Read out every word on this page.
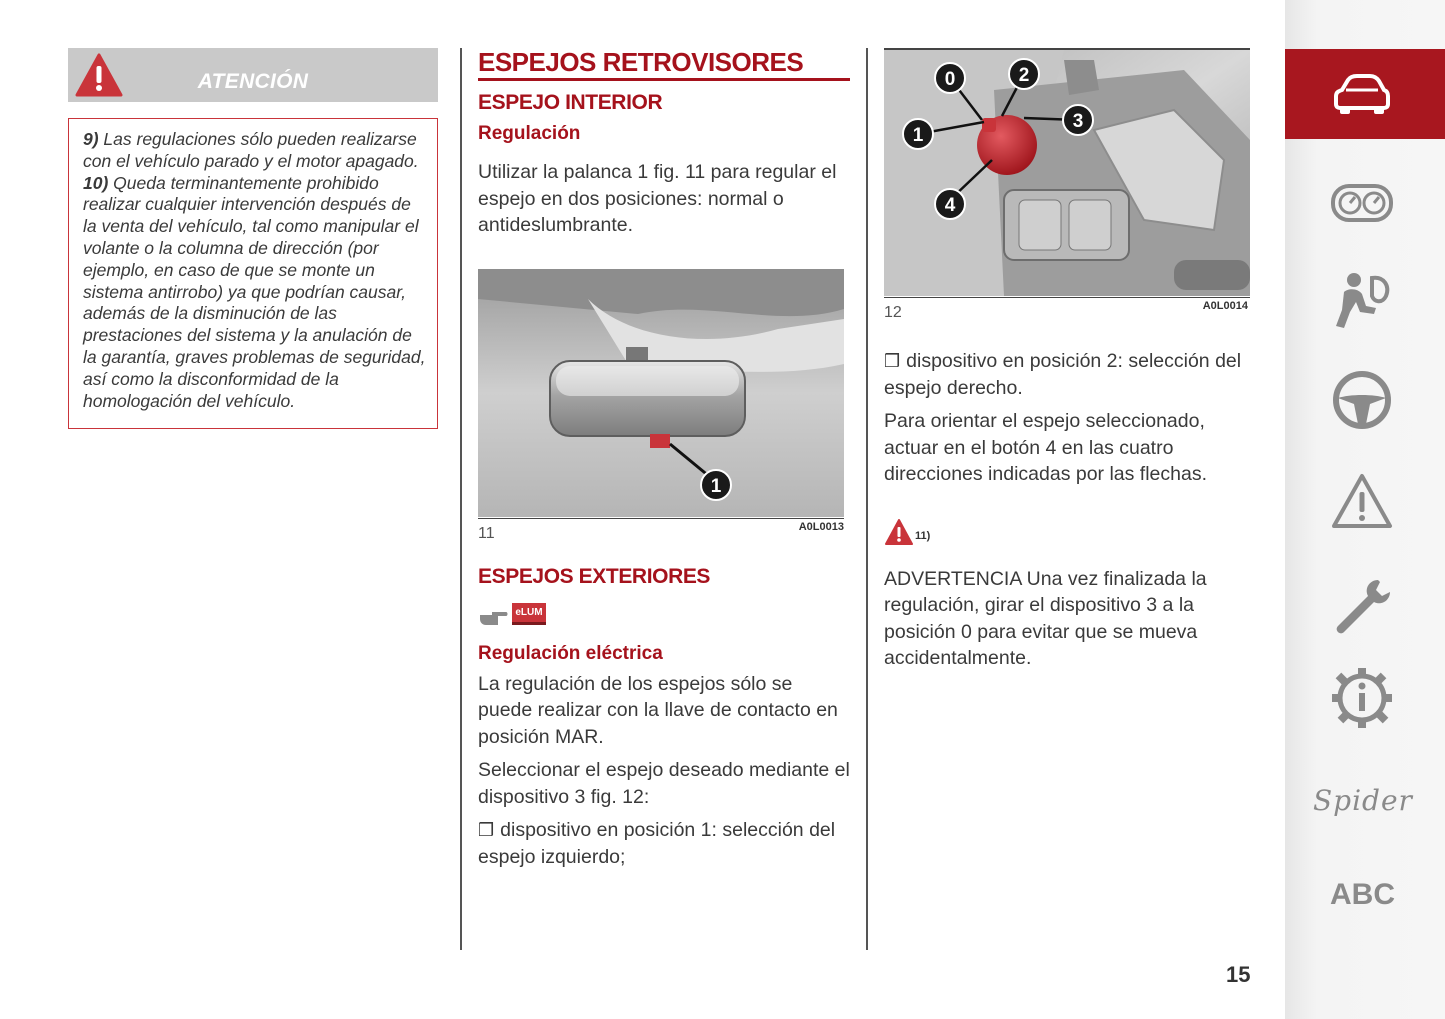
ATENCIÓN

9) Las regulaciones sólo pueden realizarse con el vehículo parado y el motor apagado.

10) Queda terminantemente prohibido realizar cualquier intervención después de la venta del vehículo, tal como manipular el volante o la columna de dirección (por ejemplo, en caso de que se monte un sistema antirrobo) ya que podrían causar, además de la disminución de las prestaciones del sistema y la anulación de la garantía, graves problemas de seguridad, así como la disconformidad de la homologación del vehículo.

ESPEJOS RETROVISORES
ESPEJO INTERIOR
Regulación
Utilizar la palanca 1 fig. 11 para regular el espejo en dos posiciones: normal o antideslumbrante.
1
11	A0L0013
ESPEJOS EXTERIORES
eLUM
Regulación eléctrica
La regulación de los espejos sólo se puede realizar con la llave de contacto en posición MAR.
Seleccionar el espejo deseado mediante el dispositivo 3 fig. 12:
❒ dispositivo en posición 1: selección del espejo izquierdo;
0	2
1
3
4
12	A0L0014
❒ dispositivo en posición 2: selección del espejo derecho.
Para orientar el espejo seleccionado, actuar en el botón 4 en las cuatro direcciones indicadas por las flechas.
11)
ADVERTENCIA Una vez finalizada la regulación, girar el dispositivo 3 a la posición 0 para evitar que se mueva accidentalmente.
Spider
ABC
15
